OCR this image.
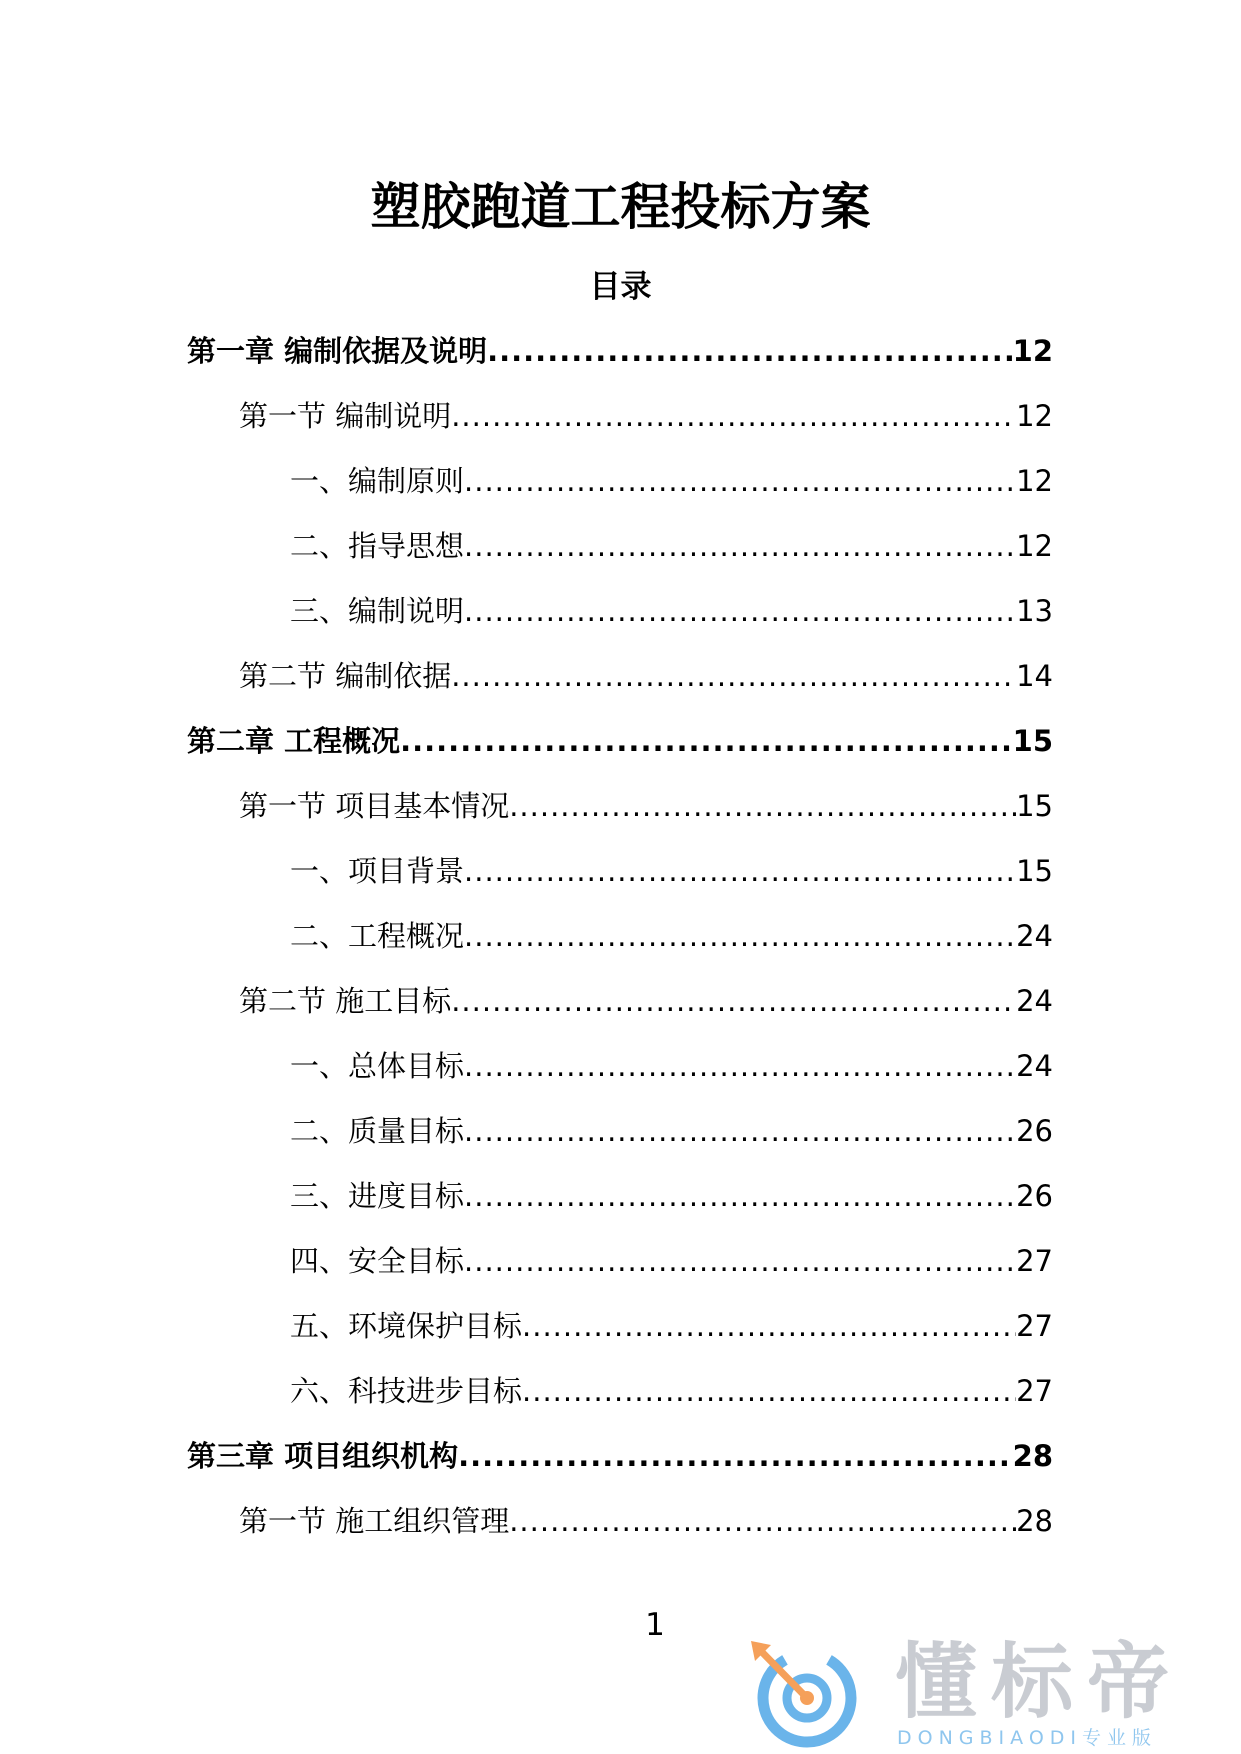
塑胶跑道工程投标方案
目录
第一章 编制依据及说明 .....	12
第一节 编制说明 .....	12
一、编制原则 .....	12
二、指导思想 .....	12
三、编制说明 .....	13
第二节 编制依据 .....	14
第二章 工程概况 .....	15
第一节 项目基本情况 .....	15
一、项目背景 .....	15
二、工程概况 .....	24
第二节 施工目标 .....	24
一、总体目标 .....	24
二、质量目标 .....	26
三、进度目标 .....	26
四、安全目标 .....	27
五、环境保护目标 .....	27
六、科技进步目标 .....	27
第三章 项目组织机构 .....	28
第一节 施工组织管理 .....	28
1
懂标帝
DONGBIAODI专业版
